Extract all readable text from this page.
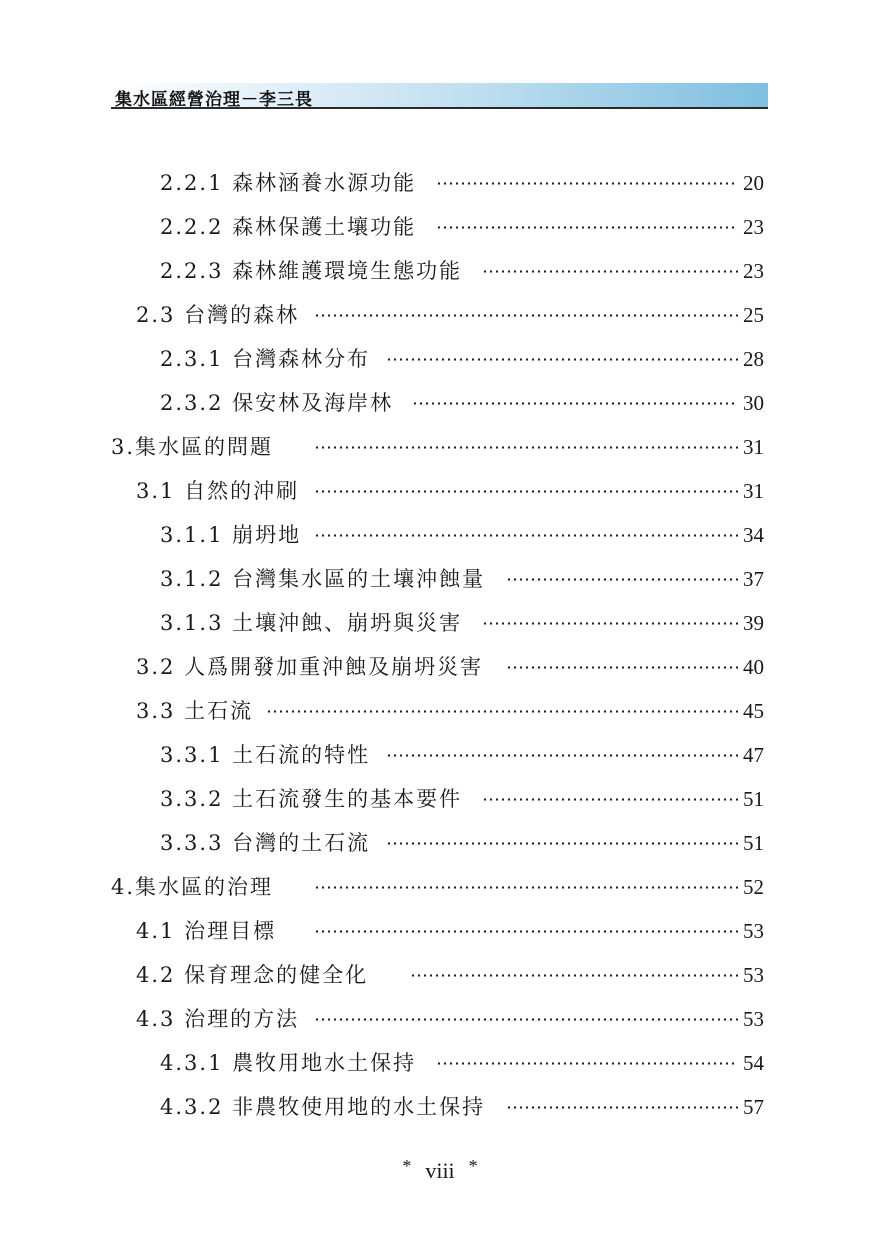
集水區經營治理－李三畏
2.2.1 森林涵養水源功能	20
2.2.2 森林保護土壤功能	23
2.2.3 森林維護環境生態功能	23
2.3 台灣的森林	25
2.3.1 台灣森林分布	28
2.3.2 保安林及海岸林	30
3.集水區的問題	31
3.1 自然的沖刷	31
3.1.1 崩坍地	34
3.1.2 台灣集水區的土壤沖蝕量	37
3.1.3 土壤沖蝕、崩坍與災害	39
3.2 人爲開發加重沖蝕及崩坍災害	40
3.3 土石流	45
3.3.1 土石流的特性	47
3.3.2 土石流發生的基本要件	51
3.3.3 台灣的土石流	51
4.集水區的治理	52
4.1 治理目標	53
4.2 保育理念的健全化	53
4.3 治理的方法	53
4.3.1 農牧用地水土保持	54
4.3.2 非農牧使用地的水土保持	57
* viii *
